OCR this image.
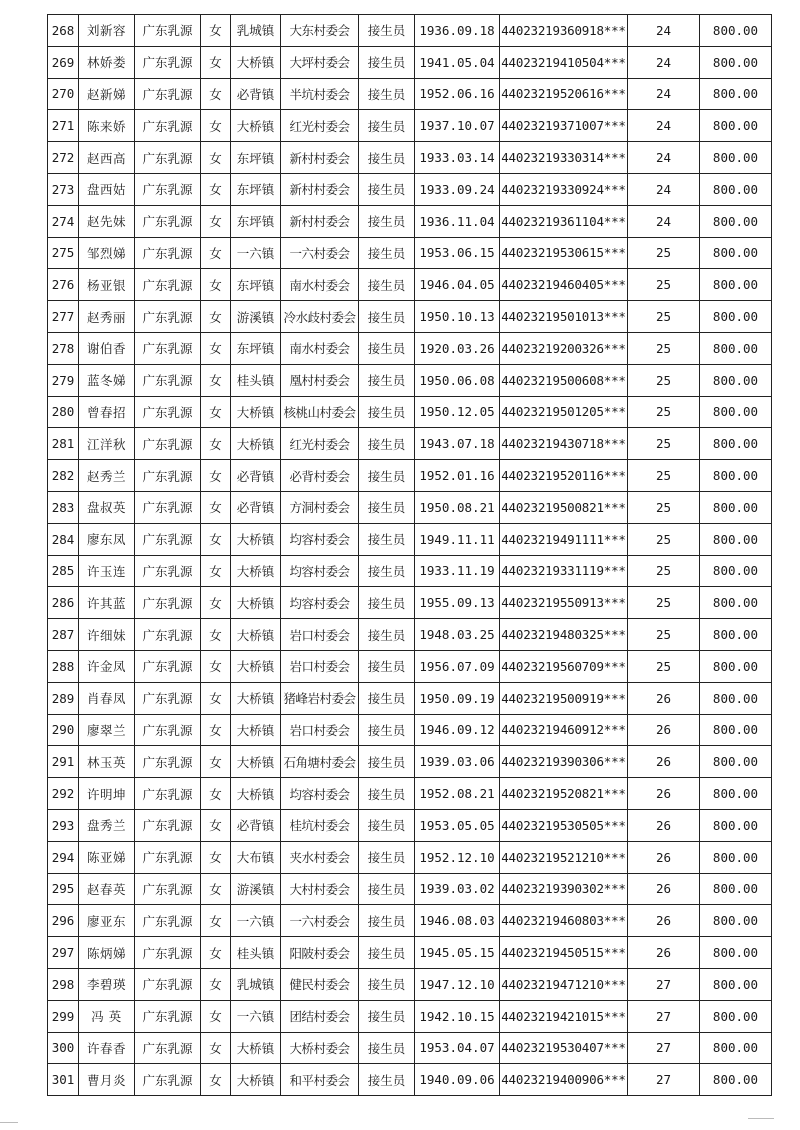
268	刘新容	广东乳源	女	乳城镇	大东村委会	接生员	1936.09.18	44023219360918***	24	800.00
269	林娇娄	广东乳源	女	大桥镇	大坪村委会	接生员	1941.05.04	44023219410504***	24	800.00
270	赵新娣	广东乳源	女	必背镇	半坑村委会	接生员	1952.06.16	44023219520616***	24	800.00
271	陈来娇	广东乳源	女	大桥镇	红光村委会	接生员	1937.10.07	44023219371007***	24	800.00
272	赵西高	广东乳源	女	东坪镇	新村村委会	接生员	1933.03.14	44023219330314***	24	800.00
273	盘西姑	广东乳源	女	东坪镇	新村村委会	接生员	1933.09.24	44023219330924***	24	800.00
274	赵先妹	广东乳源	女	东坪镇	新村村委会	接生员	1936.11.04	44023219361104***	24	800.00
275	邹烈娣	广东乳源	女	一六镇	一六村委会	接生员	1953.06.15	44023219530615***	25	800.00
276	杨亚银	广东乳源	女	东坪镇	南水村委会	接生员	1946.04.05	44023219460405***	25	800.00
277	赵秀丽	广东乳源	女	游溪镇	冷水歧村委会	接生员	1950.10.13	44023219501013***	25	800.00
278	谢伯香	广东乳源	女	东坪镇	南水村委会	接生员	1920.03.26	44023219200326***	25	800.00
279	蓝冬娣	广东乳源	女	桂头镇	凰村村委会	接生员	1950.06.08	44023219500608***	25	800.00
280	曾春招	广东乳源	女	大桥镇	核桃山村委会	接生员	1950.12.05	44023219501205***	25	800.00
281	江洋秋	广东乳源	女	大桥镇	红光村委会	接生员	1943.07.18	44023219430718***	25	800.00
282	赵秀兰	广东乳源	女	必背镇	必背村委会	接生员	1952.01.16	44023219520116***	25	800.00
283	盘叔英	广东乳源	女	必背镇	方洞村委会	接生员	1950.08.21	44023219500821***	25	800.00
284	廖东凤	广东乳源	女	大桥镇	均容村委会	接生员	1949.11.11	44023219491111***	25	800.00
285	许玉连	广东乳源	女	大桥镇	均容村委会	接生员	1933.11.19	44023219331119***	25	800.00
286	许其蓝	广东乳源	女	大桥镇	均容村委会	接生员	1955.09.13	44023219550913***	25	800.00
287	许细妹	广东乳源	女	大桥镇	岩口村委会	接生员	1948.03.25	44023219480325***	25	800.00
288	许金凤	广东乳源	女	大桥镇	岩口村委会	接生员	1956.07.09	44023219560709***	25	800.00
289	肖春凤	广东乳源	女	大桥镇	猪峰岩村委会	接生员	1950.09.19	44023219500919***	26	800.00
290	廖翠兰	广东乳源	女	大桥镇	岩口村委会	接生员	1946.09.12	44023219460912***	26	800.00
291	林玉英	广东乳源	女	大桥镇	石角塘村委会	接生员	1939.03.06	44023219390306***	26	800.00
292	许明坤	广东乳源	女	大桥镇	均容村委会	接生员	1952.08.21	44023219520821***	26	800.00
293	盘秀兰	广东乳源	女	必背镇	桂坑村委会	接生员	1953.05.05	44023219530505***	26	800.00
294	陈亚娣	广东乳源	女	大布镇	夹水村委会	接生员	1952.12.10	44023219521210***	26	800.00
295	赵春英	广东乳源	女	游溪镇	大村村委会	接生员	1939.03.02	44023219390302***	26	800.00
296	廖亚东	广东乳源	女	一六镇	一六村委会	接生员	1946.08.03	44023219460803***	26	800.00
297	陈炳娣	广东乳源	女	桂头镇	阳陂村委会	接生员	1945.05.15	44023219450515***	26	800.00
298	李碧瑛	广东乳源	女	乳城镇	健民村委会	接生员	1947.12.10	44023219471210***	27	800.00
299	冯 英	广东乳源	女	一六镇	团结村委会	接生员	1942.10.15	44023219421015***	27	800.00
300	许春香	广东乳源	女	大桥镇	大桥村委会	接生员	1953.04.07	44023219530407***	27	800.00
301	曹月炎	广东乳源	女	大桥镇	和平村委会	接生员	1940.09.06	44023219400906***	27	800.00
